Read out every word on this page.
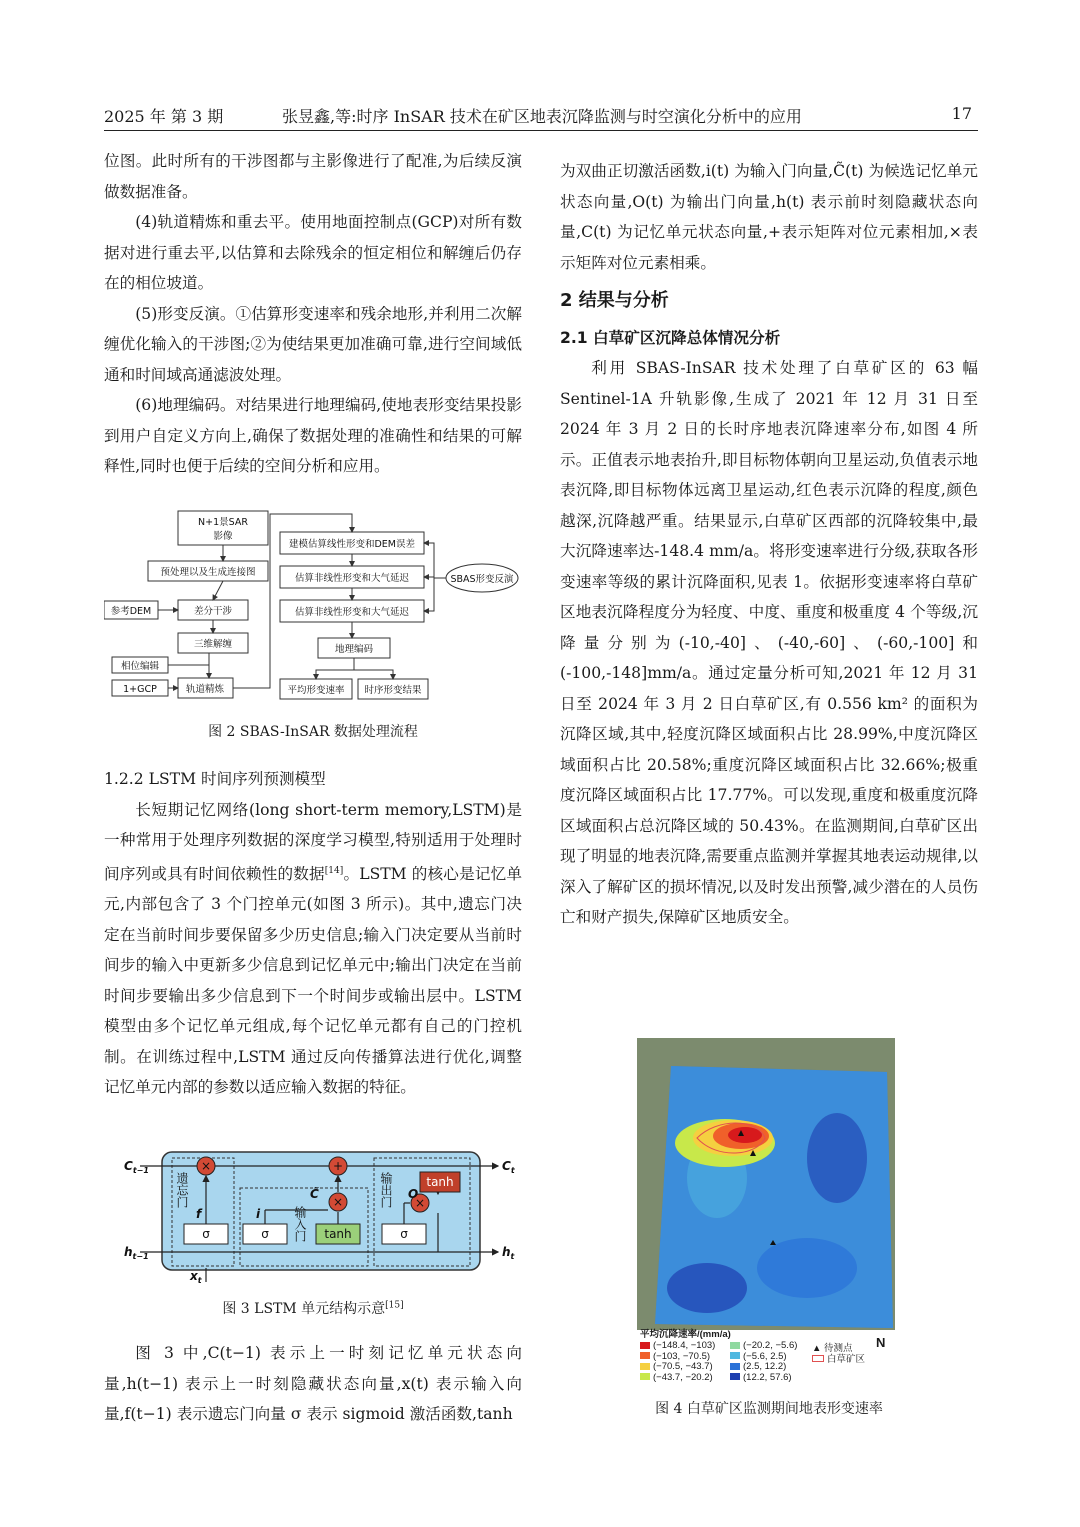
2025 年 第 3 期	张昱鑫,等:时序 InSAR 技术在矿区地表沉降监测与时空演化分析中的应用	17

位图。此时所有的干涉图都与主影像进行了配准,为后续反演做数据准备。

(4)轨道精炼和重去平。使用地面控制点(GCP)对所有数据对进行重去平,以估算和去除残余的恒定相位和解缠后仍存在的相位坡道。

(5)形变反演。①估算形变速率和残余地形,并利用二次解缠优化输入的干涉图;②为使结果更加准确可靠,进行空间域低通和时间域高通滤波处理。

(6)地理编码。对结果进行地理编码,使地表形变结果投影到用户自定义方向上,确保了数据处理的准确性和结果的可解释性,同时也便于后续的空间分析和应用。

N+1景SAR
影像
预处理以及生成连接图
参考DEM	差分干涉
三维解缠
相位编辑
1+GCP	轨道精炼
建模估算线性形变和DEM误差
估算非线性形变和大气延迟
估算非线性形变和大气延迟
SBAS形变反演
地理编码
平均形变速率 时序形变结果
图 2 SBAS-InSAR 数据处理流程

1.2.2 LSTM 时间序列预测模型

长短期记忆网络(long short-term memory,LSTM)是一种常用于处理序列数据的深度学习模型,特别适用于处理时间序列或具有时间依赖性的数据[14]。LSTM 的核心是记忆单元,内部包含了 3 个门控单元(如图 3 所示)。其中,遗忘门决定在当前时间步要保留多少历史信息;输入门决定要从当前时间步的输入中更新多少信息到记忆单元中;输出门决定在当前时间步要输出多少信息到下一个时间步或输出层中。LSTM 模型由多个记忆单元组成,每个记忆单元都有自己的门控机制。在训练过程中,LSTM 通过反向传播算法进行优化,调整记忆单元内部的参数以适应输入数据的特征。

×	+
×	×
σ	σ	σ
tanh
tanh
$C_{t-1}$	$C_t$
$h_{t-1}$	$h_t$
$x_t$
f	i
O
C̃
遗忘门
输入门
输出门
图 3 LSTM 单元结构示意[15]

图 3 中,C(t−1) 表示上一时刻记忆单元状态向量,h(t−1) 表示上一时刻隐藏状态向量,x(t) 表示输入向量,f(t−1) 表示遗忘门向量 σ 表示 sigmoid 激活函数,tanh

为双曲正切激活函数,i(t) 为输入门向量,C̃(t) 为候选记忆单元状态向量,O(t) 为输出门向量,h(t) 表示前时刻隐藏状态向量,C(t) 为记忆单元状态向量,+表示矩阵对位元素相加,×表示矩阵对位元素相乘。

2 结果与分析

2.1 白草矿区沉降总体情况分析

利用 SBAS-InSAR 技术处理了白草矿区的 63 幅 Sentinel-1A 升轨影像,生成了 2021 年 12 月 31 日至 2024 年 3 月 2 日的长时序地表沉降速率分布,如图 4 所示。正值表示地表抬升,即目标物体朝向卫星运动,负值表示地表沉降,即目标物体远离卫星运动,红色表示沉降的程度,颜色越深,沉降越严重。结果显示,白草矿区西部的沉降较集中,最大沉降速率达-148.4 mm/a。将形变速率进行分级,获取各形变速率等级的累计沉降面积,见表 1。依据形变速率将白草矿区地表沉降程度分为轻度、中度、重度和极重度 4 个等级,沉降量分别为(-10,-40]、(-40,-60]、(-60,-100]和(-100,-148]mm/a。通过定量分析可知,2021 年 12 月 31 日至 2024 年 3 月 2 日白草矿区,有 0.556 km² 的面积为沉降区域,其中,轻度沉降区域面积占比 28.99%,中度沉降区域面积占比 20.58%;重度沉降区域面积占比 32.66%;极重度沉降区域面积占比 17.77%。可以发现,重度和极重度沉降区域面积占总沉降区域的 50.43%。在监测期间,白草矿区出现了明显的地表沉降,需要重点监测并掌握其地表运动规律,以深入了解矿区的损坏情况,以及时发出预警,减少潜在的人员伤亡和财产损失,保障矿区地质安全。

平均沉降速率/(mm/a)
(−148.4, −103)
(−103, −70.5)
(−70.5, −43.7)
(−43.7, −20.2)
(−20.2, −5.6)
(−5.6, 2.5)
(2.5, 12.2)
(12.2, 57.6)
▲ 待测点
白草矿区
N
图 4 白草矿区监测期间地表形变速率
